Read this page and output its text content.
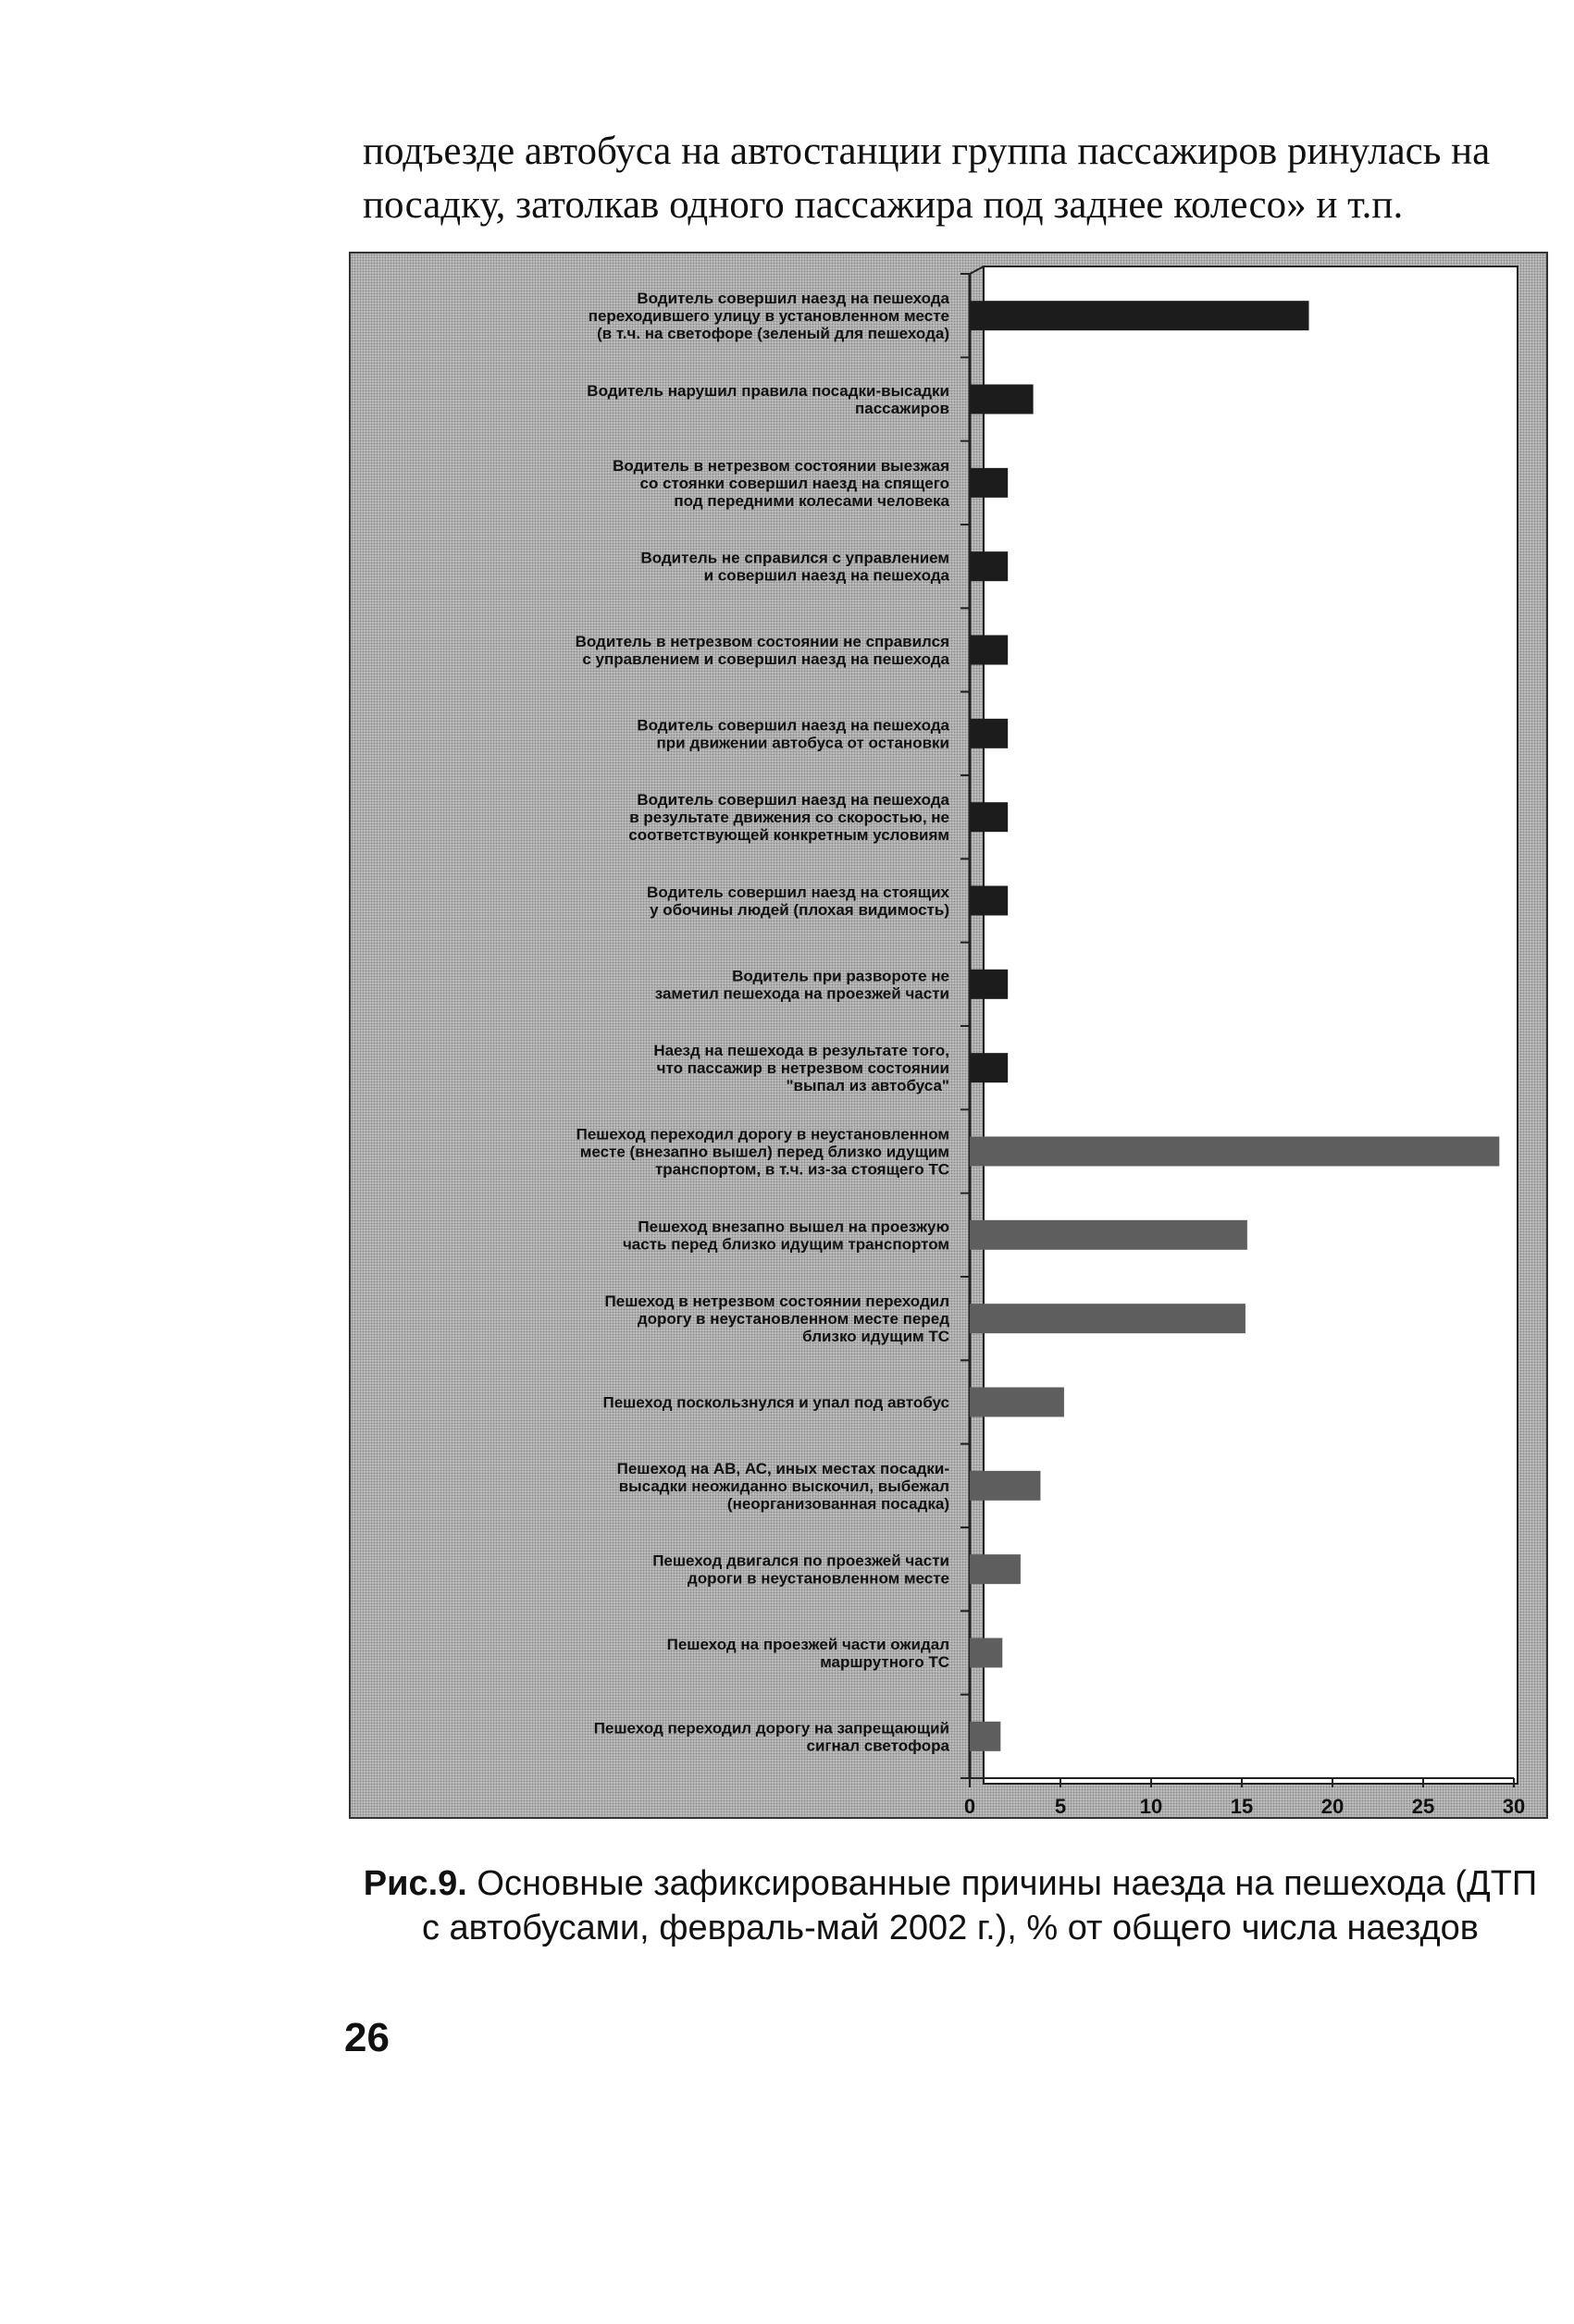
подъезде автобуса на автостанции группа пассажиров ринулась на
посадку, затолкав одного пассажира под заднее колесо» и т.п.

Водитель совершил наезд на пешехода
переходившего улицу в установленном месте
(в т.ч. на светофоре (зеленый для пешехода)
Водитель нарушил правила посадки-высадки
пассажиров
Водитель в нетрезвом состоянии выезжая
со стоянки совершил наезд на спящего
под передними колесами человека
Водитель не справился с управлением
и совершил наезд на пешехода
Водитель в нетрезвом состоянии не справился
с управлением и совершил наезд на пешехода
Водитель совершил наезд на пешехода
при движении автобуса от остановки
Водитель совершил наезд на пешехода
в результате движения со скоростью, не
соответствующей конкретным условиям
Водитель совершил наезд на стоящих
у обочины людей (плохая видимость)
Водитель при развороте не
заметил пешехода на проезжей части
Наезд на пешехода в результате того,
что пассажир в нетрезвом состоянии
"выпал из автобуса"
Пешеход переходил дорогу в неустановленном
месте (внезапно вышел) перед близко идущим
транспортом, в т.ч. из-за стоящего ТС
Пешеход внезапно вышел на проезжую
часть перед близко идущим транспортом
Пешеход в нетрезвом состоянии переходил
дорогу в неустановленном месте перед
близко идущим ТС
Пешеход поскользнулся и упал под автобус
Пешеход на АВ, АС, иных местах посадки-
высадки неожиданно выскочил, выбежал
(неорганизованная посадка)
Пешеход двигался по проезжей части
дороги в неустановленном месте
Пешеход на проезжей части ожидал
маршрутного ТС
Пешеход переходил дорогу на запрещающий
сигнал светофора
0	5	10	15	20	25	30

Рис.9. Основные зафиксированные причины наезда на пешехода (ДТП
с автобусами, февраль-май 2002 г.), % от общего числа наездов

26
